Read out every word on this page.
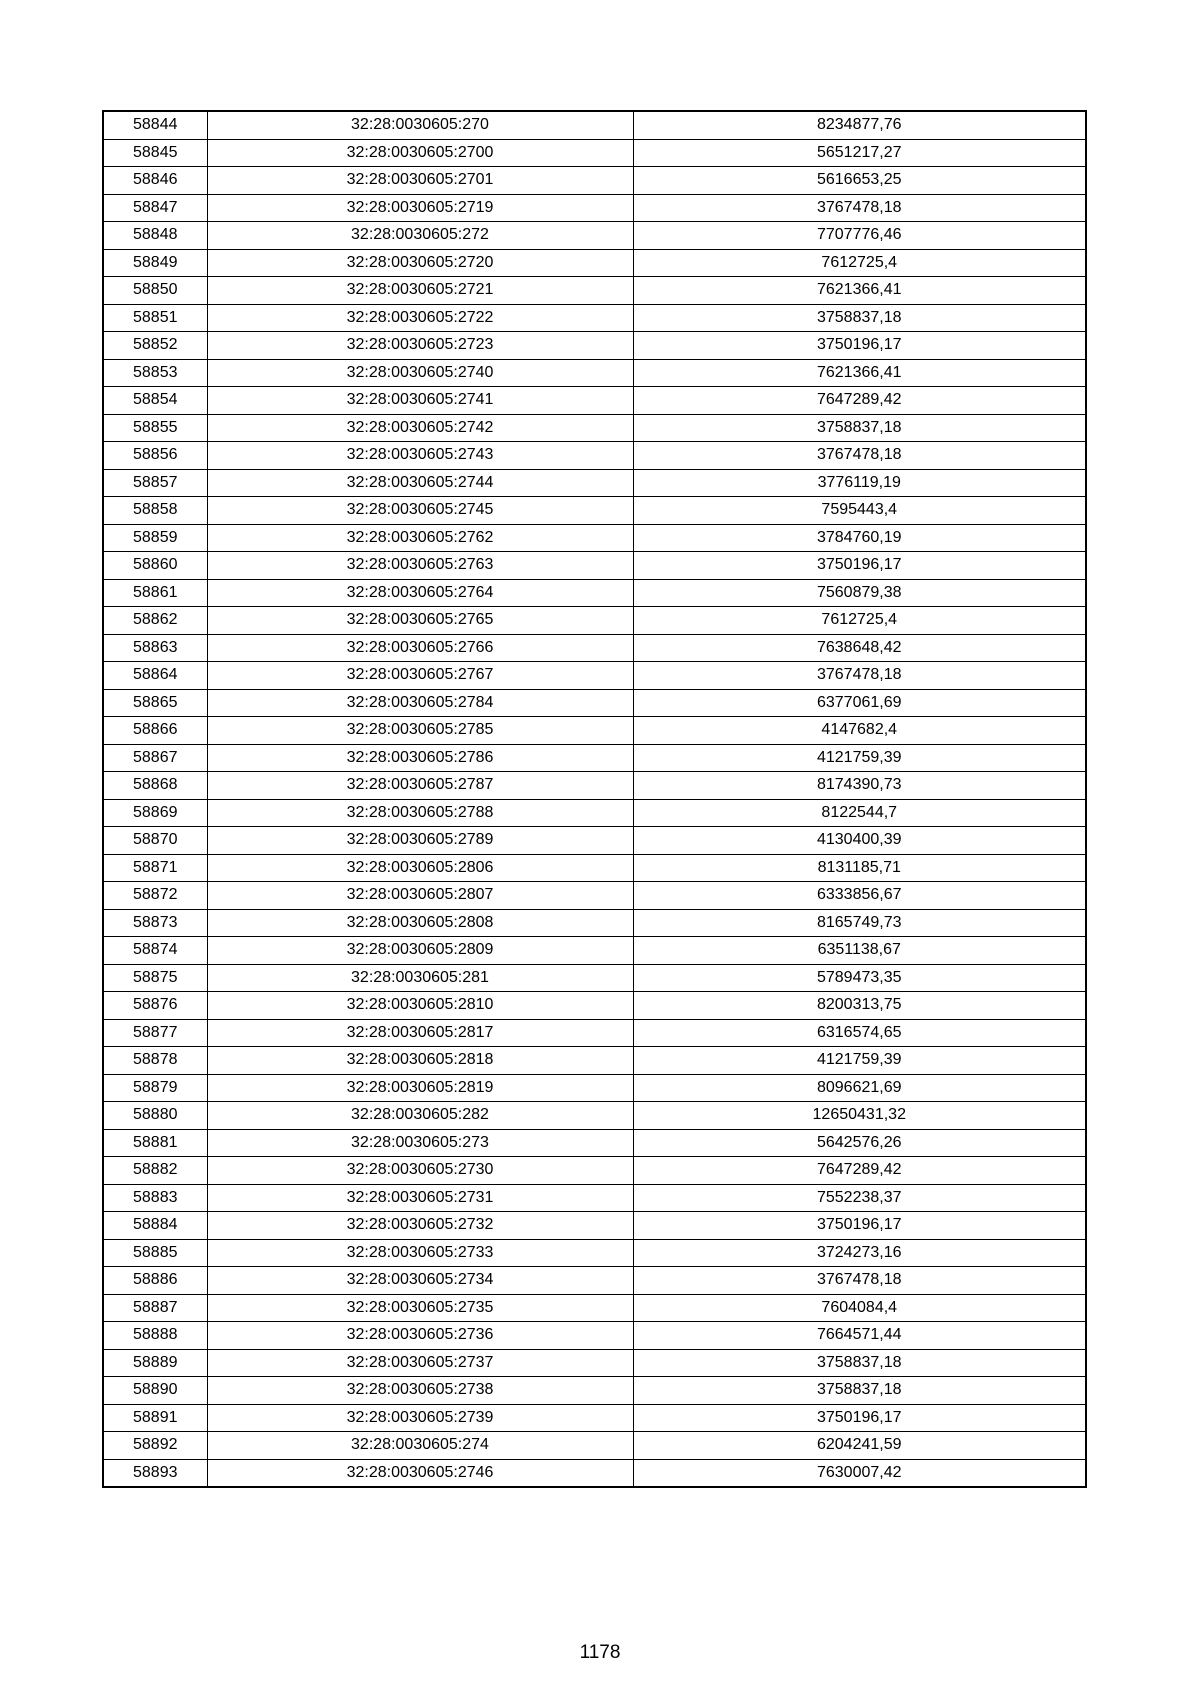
58844	32:28:0030605:270	8234877,76
58845	32:28:0030605:2700	5651217,27
58846	32:28:0030605:2701	5616653,25
58847	32:28:0030605:2719	3767478,18
58848	32:28:0030605:272	7707776,46
58849	32:28:0030605:2720	7612725,4
58850	32:28:0030605:2721	7621366,41
58851	32:28:0030605:2722	3758837,18
58852	32:28:0030605:2723	3750196,17
58853	32:28:0030605:2740	7621366,41
58854	32:28:0030605:2741	7647289,42
58855	32:28:0030605:2742	3758837,18
58856	32:28:0030605:2743	3767478,18
58857	32:28:0030605:2744	3776119,19
58858	32:28:0030605:2745	7595443,4
58859	32:28:0030605:2762	3784760,19
58860	32:28:0030605:2763	3750196,17
58861	32:28:0030605:2764	7560879,38
58862	32:28:0030605:2765	7612725,4
58863	32:28:0030605:2766	7638648,42
58864	32:28:0030605:2767	3767478,18
58865	32:28:0030605:2784	6377061,69
58866	32:28:0030605:2785	4147682,4
58867	32:28:0030605:2786	4121759,39
58868	32:28:0030605:2787	8174390,73
58869	32:28:0030605:2788	8122544,7
58870	32:28:0030605:2789	4130400,39
58871	32:28:0030605:2806	8131185,71
58872	32:28:0030605:2807	6333856,67
58873	32:28:0030605:2808	8165749,73
58874	32:28:0030605:2809	6351138,67
58875	32:28:0030605:281	5789473,35
58876	32:28:0030605:2810	8200313,75
58877	32:28:0030605:2817	6316574,65
58878	32:28:0030605:2818	4121759,39
58879	32:28:0030605:2819	8096621,69
58880	32:28:0030605:282	12650431,32
58881	32:28:0030605:273	5642576,26
58882	32:28:0030605:2730	7647289,42
58883	32:28:0030605:2731	7552238,37
58884	32:28:0030605:2732	3750196,17
58885	32:28:0030605:2733	3724273,16
58886	32:28:0030605:2734	3767478,18
58887	32:28:0030605:2735	7604084,4
58888	32:28:0030605:2736	7664571,44
58889	32:28:0030605:2737	3758837,18
58890	32:28:0030605:2738	3758837,18
58891	32:28:0030605:2739	3750196,17
58892	32:28:0030605:274	6204241,59
58893	32:28:0030605:2746	7630007,42
1178
